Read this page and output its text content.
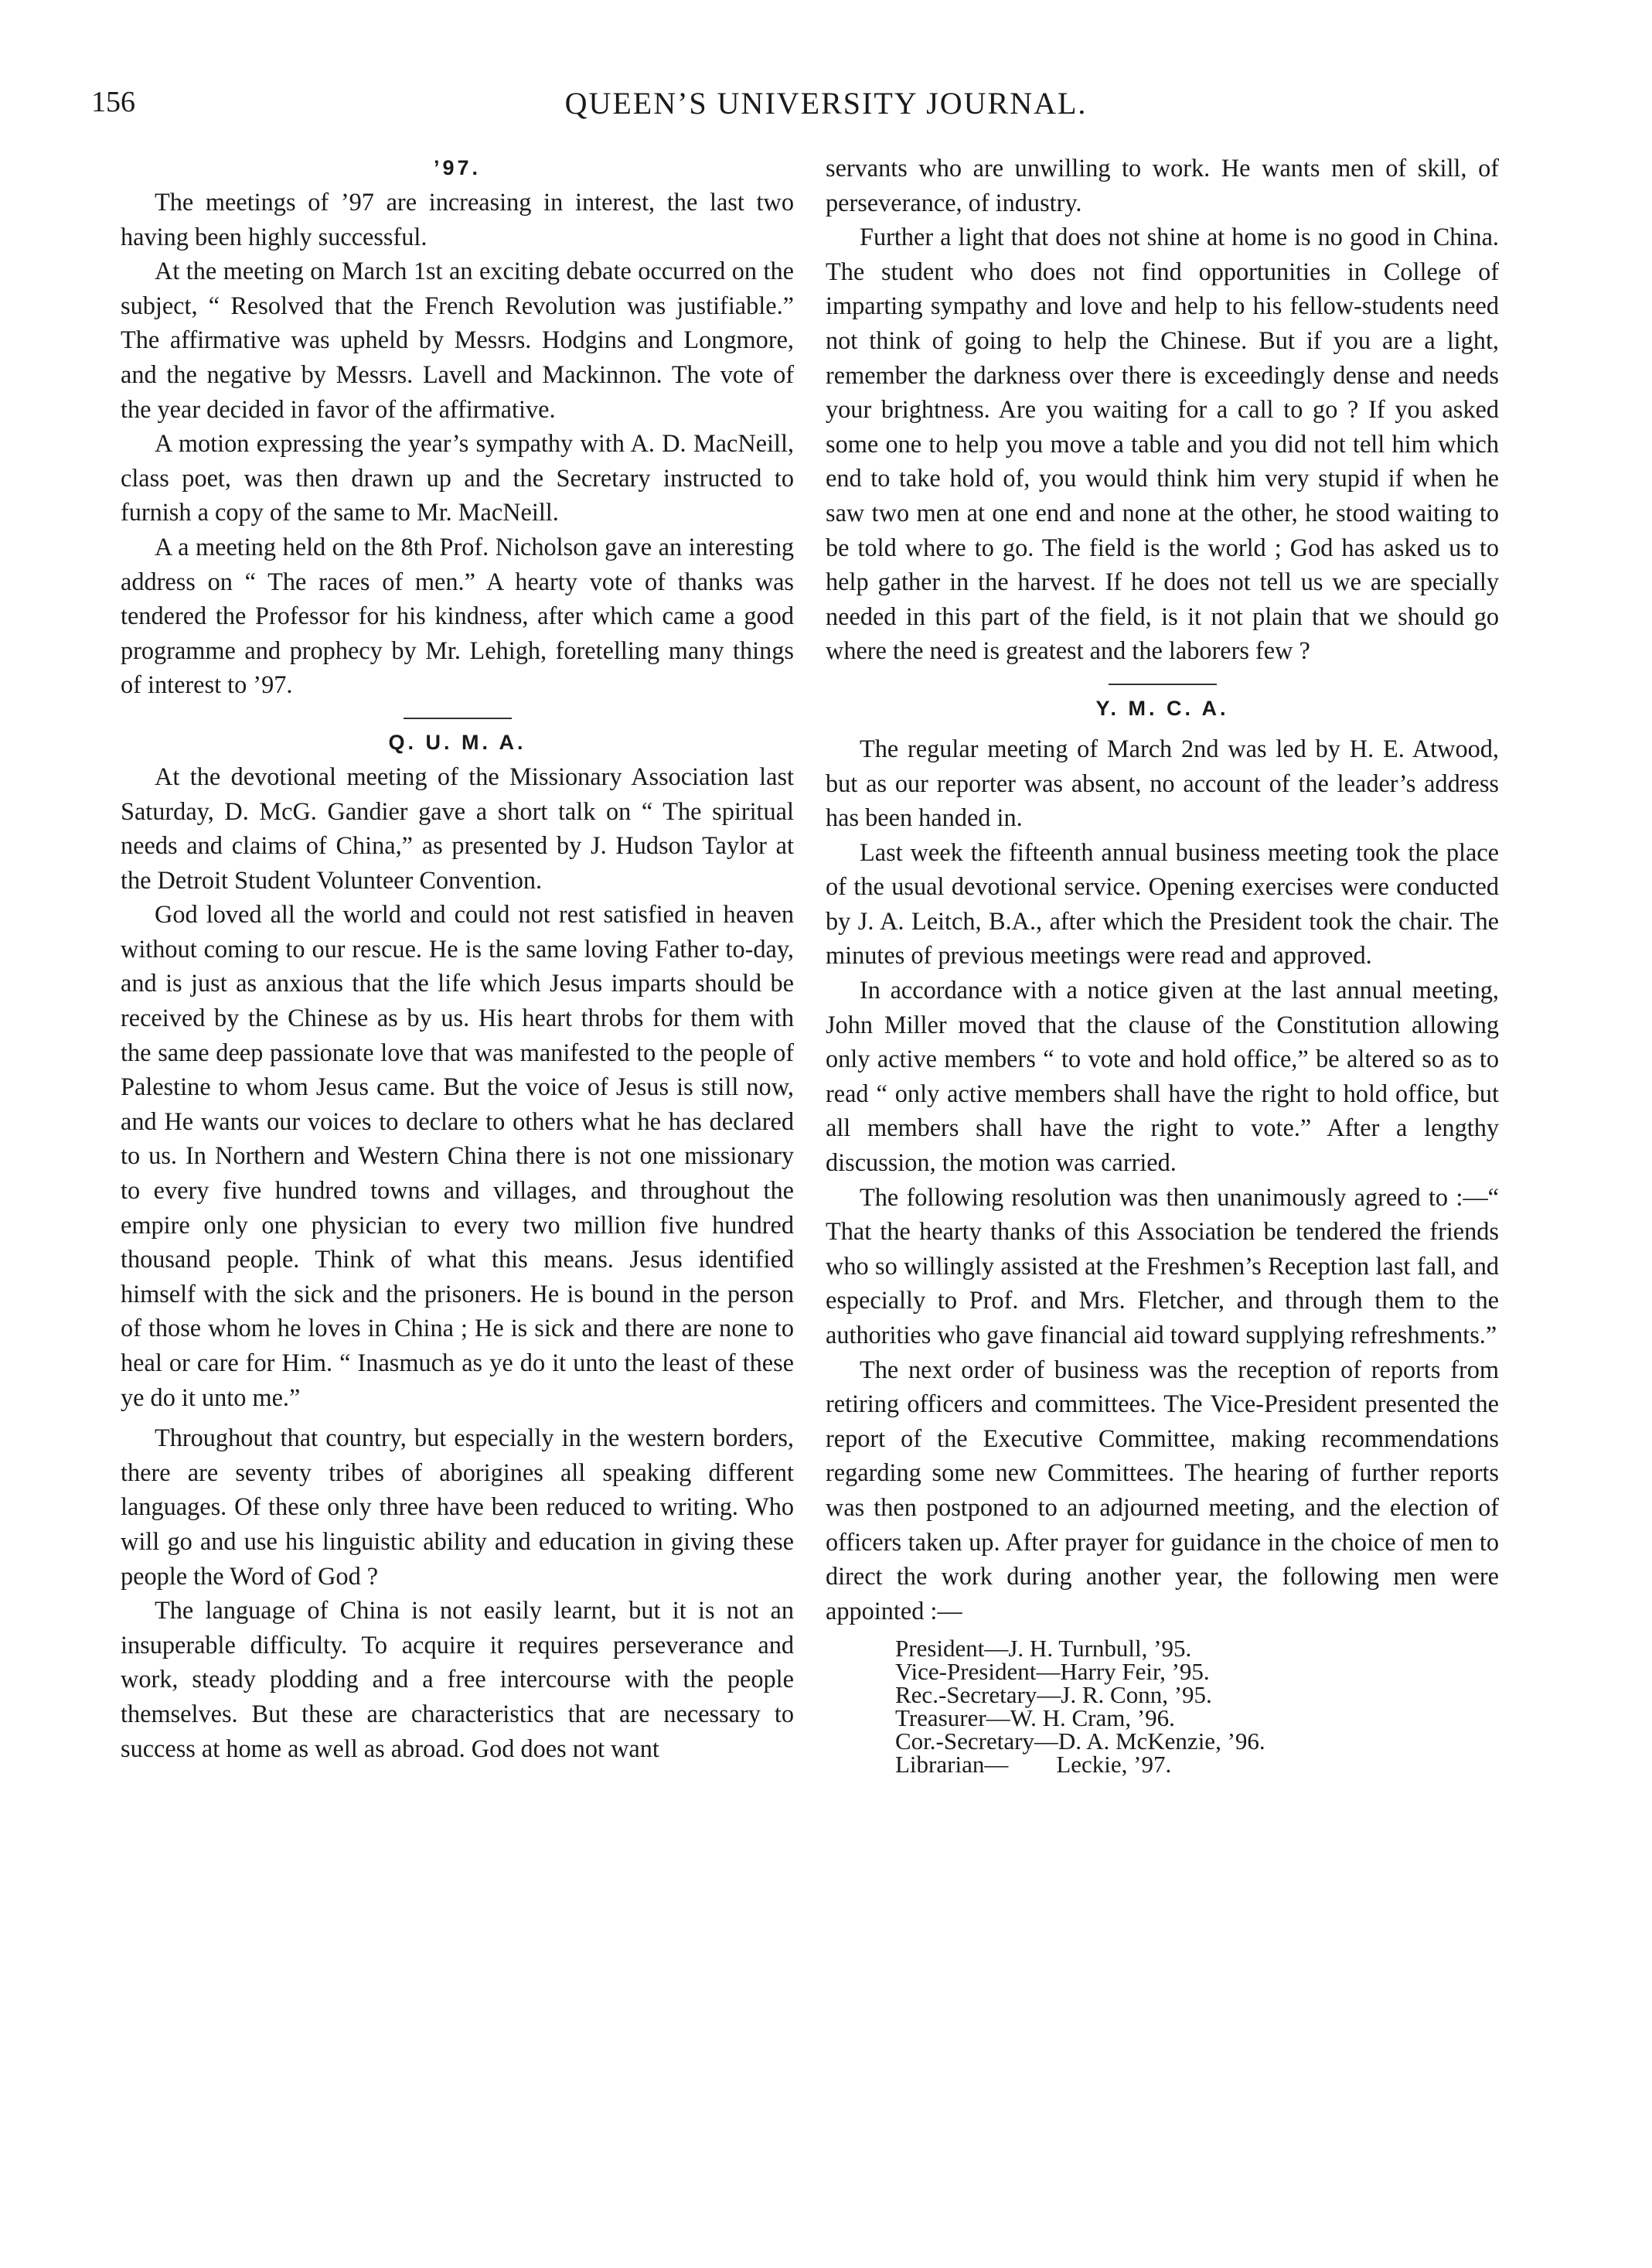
156	QUEEN’S UNIVERSITY JOURNAL.
’97.

The meetings of ’97 are increasing in interest, the last two having been highly successful.

At the meeting on March 1st an exciting debate occurred on the subject, “ Resolved that the French Revolution was justifiable.” The affirmative was upheld by Messrs. Hodgins and Longmore, and the negative by Messrs. Lavell and Mackinnon. The vote of the year decided in favor of the affirmative.

A motion expressing the year’s sympathy with A. D. MacNeill, class poet, was then drawn up and the Secretary instructed to furnish a copy of the same to Mr. MacNeill.

A a meeting held on the 8th Prof. Nicholson gave an interesting address on “ The races of men.” A hearty vote of thanks was tendered the Professor for his kindness, after which came a good programme and prophecy by Mr. Lehigh, foretelling many things of interest to ’97.

Q. U. M. A.

At the devotional meeting of the Missionary Association last Saturday, D. McG. Gandier gave a short talk on “ The spiritual needs and claims of China,” as presented by J. Hudson Taylor at the Detroit Student Volunteer Convention.

God loved all the world and could not rest satisfied in heaven without coming to our rescue. He is the same loving Father to-day, and is just as anxious that the life which Jesus imparts should be received by the Chinese as by us. His heart throbs for them with the same deep passionate love that was manifested to the people of Palestine to whom Jesus came. But the voice of Jesus is still now, and He wants our voices to declare to others what he has declared to us. In Northern and Western China there is not one missionary to every five hundred towns and villages, and throughout the empire only one physician to every two million five hundred thousand people. Think of what this means. Jesus identified himself with the sick and the prisoners. He is bound in the person of those whom he loves in China ; He is sick and there are none to heal or care for Him. “ Inasmuch as ye do it unto the least of these ye do it unto me.”

Throughout that country, but especially in the western borders, there are seventy tribes of aborigines all speaking different languages. Of these only three have been reduced to writing. Who will go and use his linguistic ability and education in giving these people the Word of God ?

The language of China is not easily learnt, but it is not an insuperable difficulty. To acquire it requires perseverance and work, steady plodding and a free intercourse with the people themselves. But these are characteristics that are necessary to success at home as well as abroad. God does not want

servants who are unwilling to work. He wants men of skill, of perseverance, of industry.

Further a light that does not shine at home is no good in China. The student who does not find opportunities in College of imparting sympathy and love and help to his fellow-students need not think of going to help the Chinese. But if you are a light, remember the darkness over there is exceedingly dense and needs your brightness. Are you waiting for a call to go ? If you asked some one to help you move a table and you did not tell him which end to take hold of, you would think him very stupid if when he saw two men at one end and none at the other, he stood waiting to be told where to go. The field is the world ; God has asked us to help gather in the harvest. If he does not tell us we are specially needed in this part of the field, is it not plain that we should go where the need is greatest and the laborers few ?

Y. M. C. A.

The regular meeting of March 2nd was led by H. E. Atwood, but as our reporter was absent, no account of the leader’s address has been handed in.

Last week the fifteenth annual business meeting took the place of the usual devotional service. Opening exercises were conducted by J. A. Leitch, B.A., after which the President took the chair. The minutes of previous meetings were read and approved.

In accordance with a notice given at the last annual meeting, John Miller moved that the clause of the Constitution allowing only active members “ to vote and hold office,” be altered so as to read “ only active members shall have the right to hold office, but all members shall have the right to vote.” After a lengthy discussion, the motion was carried.

The following resolution was then unanimously agreed to :—“ That the hearty thanks of this Association be tendered the friends who so willingly assisted at the Freshmen’s Reception last fall, and especially to Prof. and Mrs. Fletcher, and through them to the authorities who gave financial aid toward supplying refreshments.”

The next order of business was the reception of reports from retiring officers and committees. The Vice-President presented the report of the Executive Committee, making recommendations regarding some new Committees. The hearing of further reports was then postponed to an adjourned meeting, and the election of officers taken up. After prayer for guidance in the choice of men to direct the work during another year, the following men were appointed :—

President—J. H. Turnbull, ’95.
Vice-President—Harry Feir, ’95.
Rec.-Secretary—J. R. Conn, ’95.
Treasurer—W. H. Cram, ’96.
Cor.-Secretary—D. A. McKenzie, ’96.
Librarian—        Leckie, ’97.
